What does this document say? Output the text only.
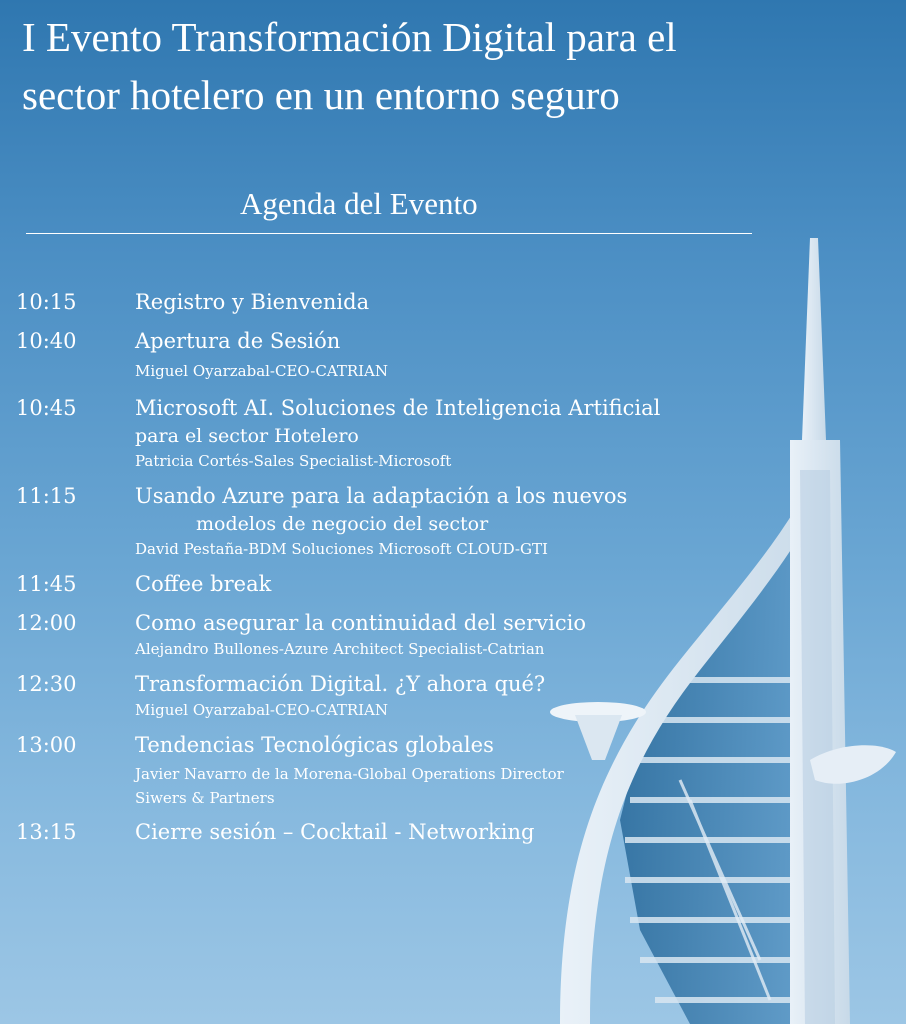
I Evento Transformación Digital para el
sector hotelero en un entorno seguro
Agenda del Evento
10:15	Registro y Bienvenida
10:40	Apertura de Sesión
Miguel Oyarzabal-CEO-CATRIAN
10:45	Microsoft AI. Soluciones de Inteligencia Artificial
para el sector Hotelero
Patricia Cortés-Sales Specialist-Microsoft
11:15	Usando Azure para la adaptación a los nuevos
modelos de negocio del sector
David Pestaña-BDM Soluciones Microsoft CLOUD-GTI
11:45	Coffee break
12:00	Como asegurar la continuidad del servicio
Alejandro Bullones-Azure Architect Specialist-Catrian
12:30	Transformación Digital. ¿Y ahora qué?
Miguel Oyarzabal-CEO-CATRIAN
13:00	Tendencias Tecnológicas globales
Javier Navarro de la Morena-Global Operations Director
Siwers & Partners
13:15	Cierre sesión – Cocktail - Networking
